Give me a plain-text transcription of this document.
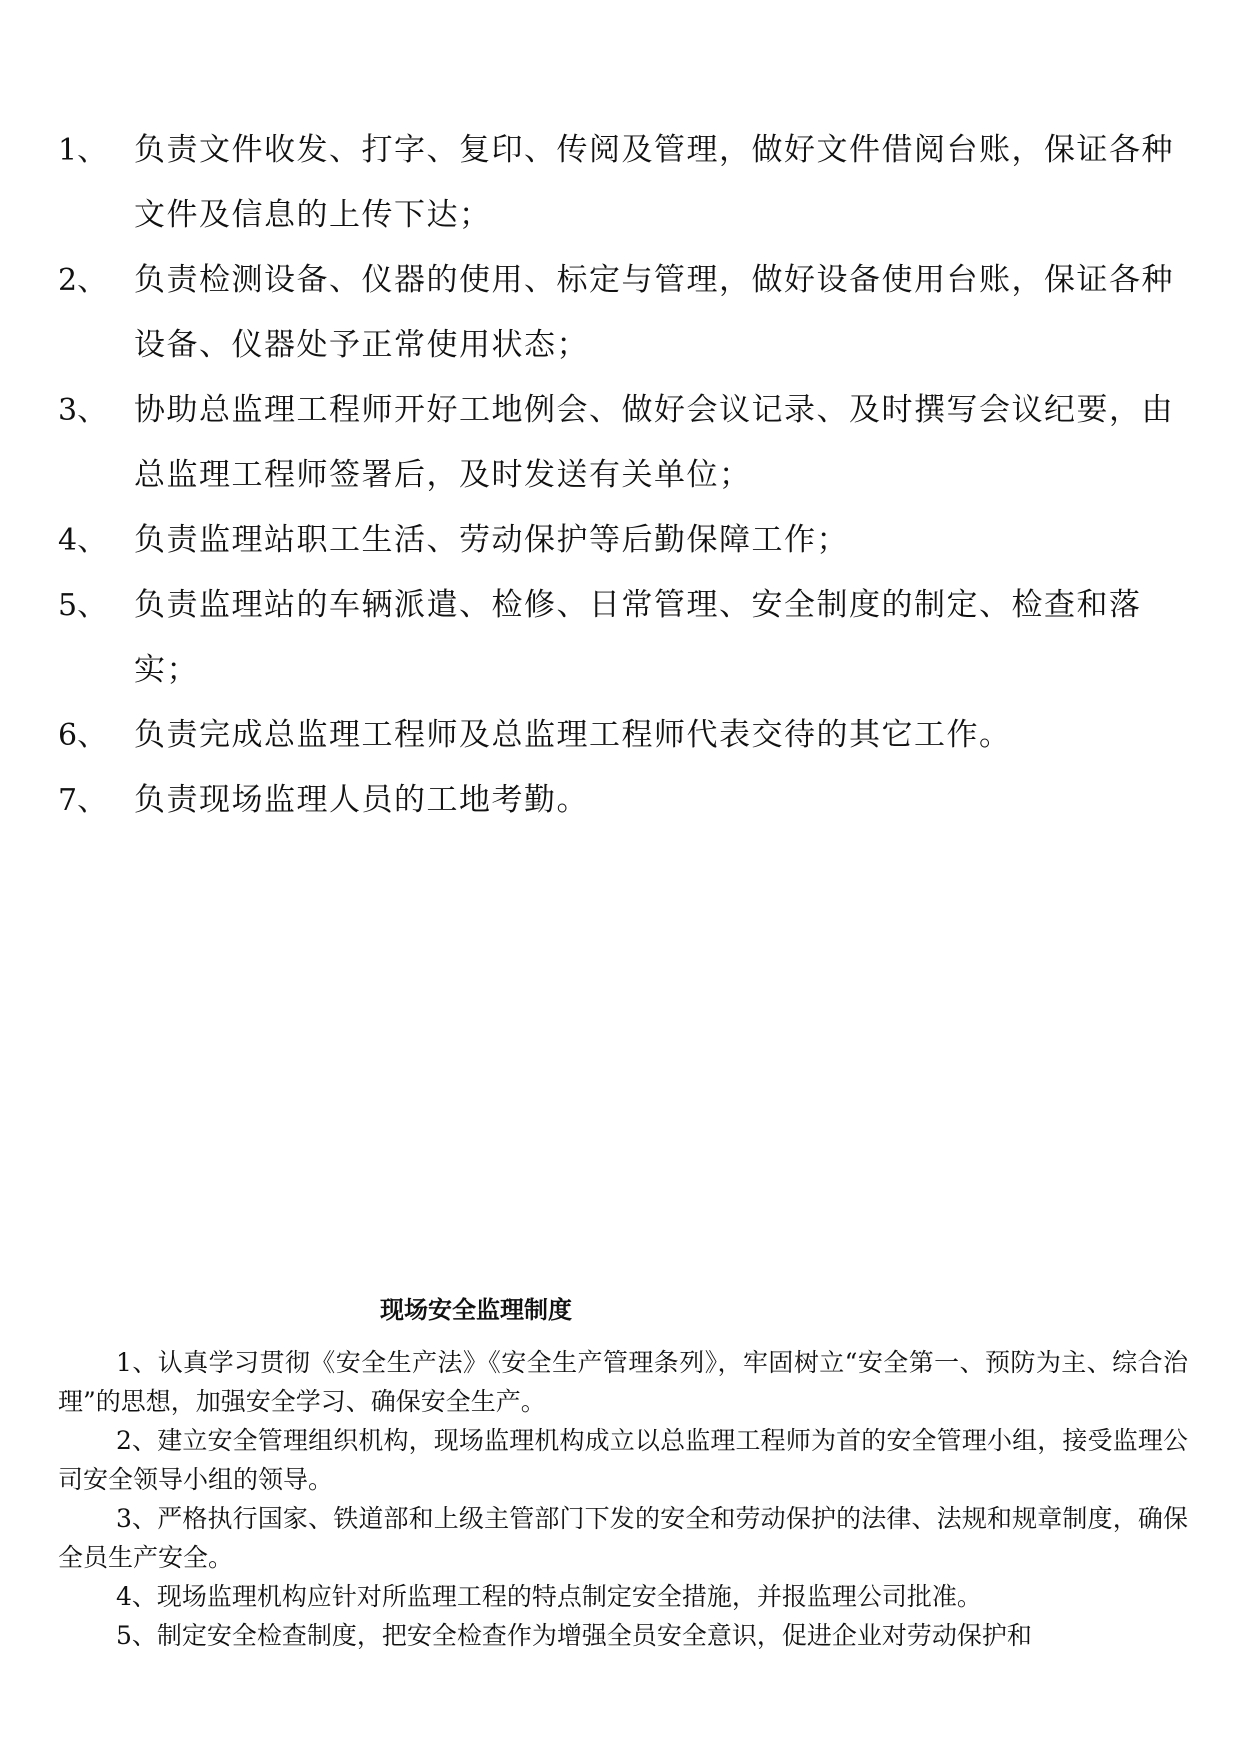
1、 负责文件收发、打字、复印、传阅及管理，做好文件借阅台账，保证各种文件及信息的上传下达；
2、 负责检测设备、仪器的使用、标定与管理，做好设备使用台账，保证各种设备、仪器处予正常使用状态；
3、 协助总监理工程师开好工地例会、做好会议记录、及时撰写会议纪要，由总监理工程师签署后，及时发送有关单位；
4、 负责监理站职工生活、劳动保护等后勤保障工作；
5、 负责监理站的车辆派遣、检修、日常管理、安全制度的制定、检查和落实；
6、 负责完成总监理工程师及总监理工程师代表交待的其它工作。
7、 负责现场监理人员的工地考勤。
现场安全监理制度

1、认真学习贯彻《安全生产法》《安全生产管理条列》，牢固树立“安全第一、预防为主、综合治理”的思想，加强安全学习、确保安全生产。

2、建立安全管理组织机构，现场监理机构成立以总监理工程师为首的安全管理小组，接受监理公司安全领导小组的领导。

3、严格执行国家、铁道部和上级主管部门下发的安全和劳动保护的法律、法规和规章制度，确保全员生产安全。

4、现场监理机构应针对所监理工程的特点制定安全措施，并报监理公司批准。

5、制定安全检查制度，把安全检查作为增强全员安全意识，促进企业对劳动保护和
